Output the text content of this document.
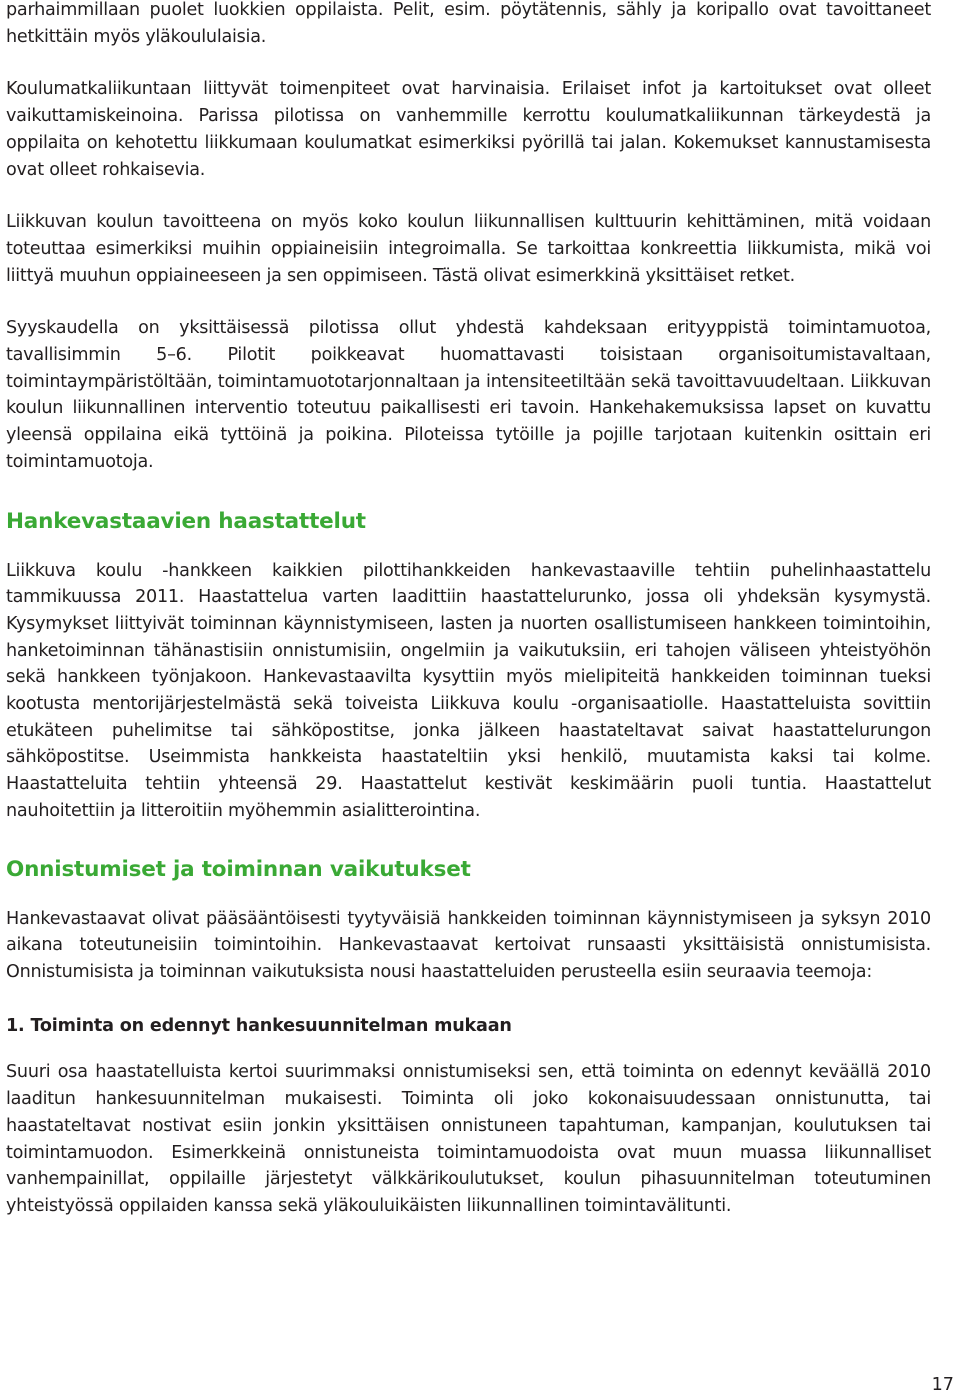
parhaimmillaan puolet luokkien oppilaista. Pelit, esim. pöytätennis, sähly ja koripallo ovat tavoittaneet hetkittäin myös yläkoululaisia.

Koulumatkaliikuntaan liittyvät toimenpiteet ovat harvinaisia. Erilaiset infot ja kartoitukset ovat olleet vaikuttamiskeinoina. Parissa pilotissa on vanhemmille kerrottu koulumatkaliikunnan tärkeydestä ja oppilaita on kehotettu liikkumaan koulumatkat esimerkiksi pyörillä tai jalan. Kokemukset kannustamisesta ovat olleet rohkaisevia.

Liikkuvan koulun tavoitteena on myös koko koulun liikunnallisen kulttuurin kehittäminen, mitä voidaan toteuttaa esimerkiksi muihin oppiaineisiin integroimalla. Se tarkoittaa konkreettia liikkumista, mikä voi liittyä muuhun oppiaineeseen ja sen oppimiseen. Tästä olivat esimerkkinä yksittäiset retket.

Syyskaudella on yksittäisessä pilotissa ollut yhdestä kahdeksaan erityyppistä toimintamuotoa, tavallisimmin 5–6. Pilotit poikkeavat huomattavasti toisistaan organisoitumistavaltaan, toimintaympäristöltään, toimintamuototarjonnaltaan ja intensiteetiltään sekä tavoittavuudeltaan. Liikkuvan koulun liikunnallinen interventio toteutuu paikallisesti eri tavoin. Hankehakemuksissa lapset on kuvattu yleensä oppilaina eikä tyttöinä ja poikina. Piloteissa tytöille ja pojille tarjotaan kuitenkin osittain eri toimintamuotoja.

Hankevastaavien haastattelut

Liikkuva koulu -hankkeen kaikkien pilottihankkeiden hankevastaaville tehtiin puhelinhaastattelu tammikuussa 2011. Haastattelua varten laadittiin haastattelurunko, jossa oli yhdeksän kysymystä. Kysymykset liittyivät toiminnan käynnistymiseen, lasten ja nuorten osallistumiseen hankkeen toimintoihin, hanketoiminnan tähänastisiin onnistumisiin, ongelmiin ja vaikutuksiin, eri tahojen väliseen yhteistyöhön sekä hankkeen työnjakoon. Hankevastaavilta kysyttiin myös mielipiteitä hankkeiden toiminnan tueksi kootusta mentorijärjestelmästä sekä toiveista Liikkuva koulu -organisaatiolle. Haastatteluista sovittiin etukäteen puhelimitse tai sähköpostitse, jonka jälkeen haastateltavat saivat haastattelurungon sähköpostitse. Useimmista hankkeista haastateltiin yksi henkilö, muutamista kaksi tai kolme. Haastatteluita tehtiin yhteensä 29. Haastattelut kestivät keskimäärin puoli tuntia. Haastattelut nauhoitettiin ja litteroitiin myöhemmin asialitterointina.

Onnistumiset ja toiminnan vaikutukset

Hankevastaavat olivat pääsääntöisesti tyytyväisiä hankkeiden toiminnan käynnistymiseen ja syksyn 2010 aikana toteutuneisiin toimintoihin. Hankevastaavat kertoivat runsaasti yksittäisistä onnistumisista. Onnistumisista ja toiminnan vaikutuksista nousi haastatteluiden perusteella esiin seuraavia teemoja:

1. Toiminta on edennyt hankesuunnitelman mukaan

Suuri osa haastatelluista kertoi suurimmaksi onnistumiseksi sen, että toiminta on edennyt keväällä 2010 laaditun hankesuunnitelman mukaisesti. Toiminta oli joko kokonaisuudessaan onnistunutta, tai haastateltavat nostivat esiin jonkin yksittäisen onnistuneen tapahtuman, kampanjan, koulutuksen tai toimintamuodon. Esimerkkeinä onnistuneista toimintamuodoista ovat muun muassa liikunnalliset vanhempainillat, oppilaille järjestetyt välkkärikoulutukset, koulun pihasuunnitelman toteutuminen yhteistyössä oppilaiden kanssa sekä yläkouluikäisten liikunnallinen toimintavälitunti.

17
